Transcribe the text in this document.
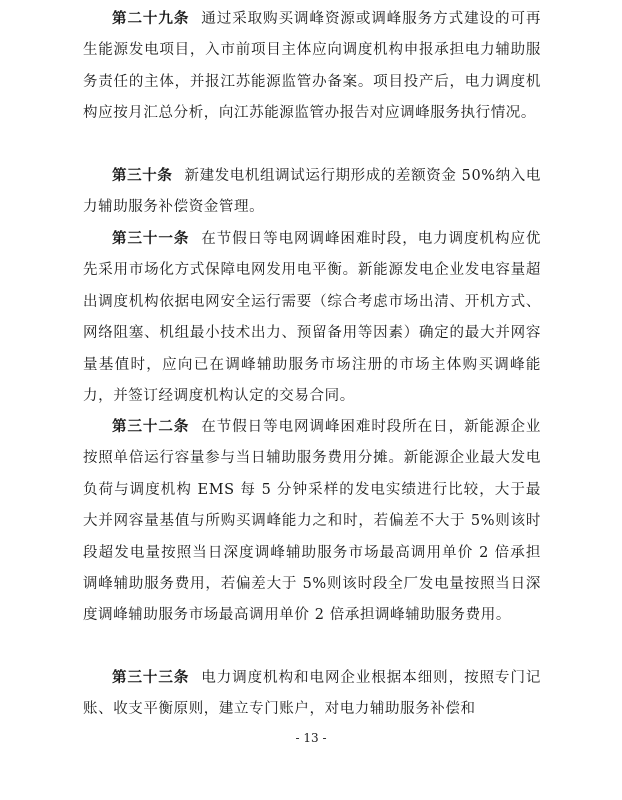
第二十九条 通过采取购买调峰资源或调峰服务方式建设的可再生能源发电项目，入市前项目主体应向调度机构申报承担电力辅助服务责任的主体，并报江苏能源监管办备案。项目投产后，电力调度机构应按月汇总分析，向江苏能源监管办报告对应调峰服务执行情况。

第三十条 新建发电机组调试运行期形成的差额资金 50%纳入电力辅助服务补偿资金管理。

第三十一条 在节假日等电网调峰困难时段，电力调度机构应优先采用市场化方式保障电网发用电平衡。新能源发电企业发电容量超出调度机构依据电网安全运行需要（综合考虑市场出清、开机方式、网络阻塞、机组最小技术出力、预留备用等因素）确定的最大并网容量基值时，应向已在调峰辅助服务市场注册的市场主体购买调峰能力，并签订经调度机构认定的交易合同。

第三十二条 在节假日等电网调峰困难时段所在日，新能源企业按照单倍运行容量参与当日辅助服务费用分摊。新能源企业最大发电负荷与调度机构 EMS 每 5 分钟采样的发电实绩进行比较，大于最大并网容量基值与所购买调峰能力之和时，若偏差不大于 5%则该时段超发电量按照当日深度调峰辅助服务市场最高调用单价 2 倍承担调峰辅助服务费用，若偏差大于 5%则该时段全厂发电量按照当日深度调峰辅助服务市场最高调用单价 2 倍承担调峰辅助服务费用。

第三十三条 电力调度机构和电网企业根据本细则，按照专门记账、收支平衡原则，建立专门账户，对电力辅助服务补偿和

- 13 -
